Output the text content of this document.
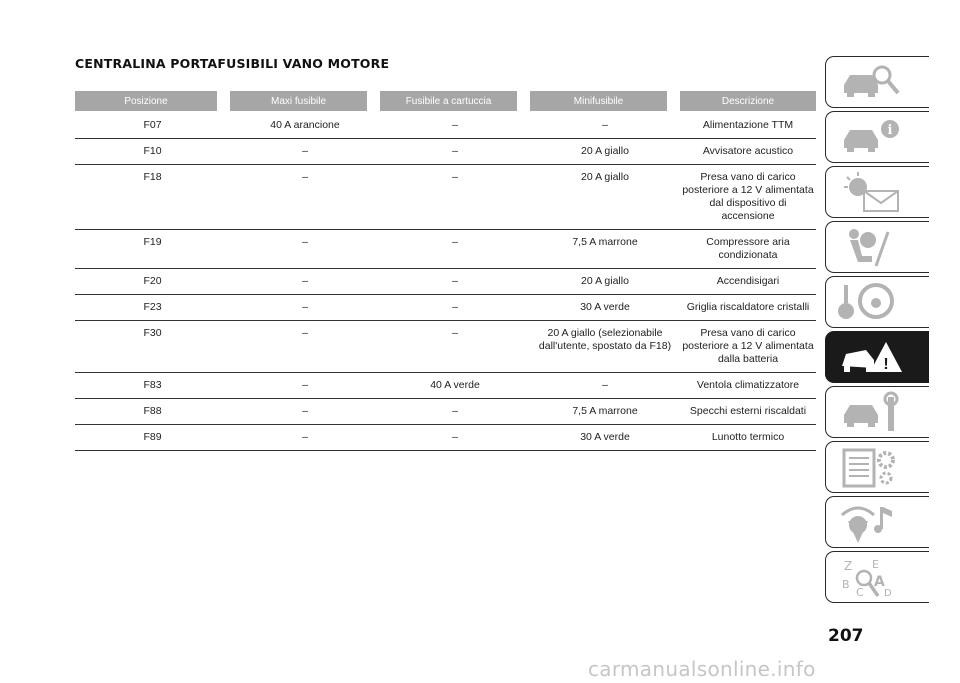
CENTRALINA PORTAFUSIBILI VANO MOTORE
Posizione	Maxi fusibile	Fusibile a cartuccia	Minifusibile	Descrizione
F07	40 A arancione	–	–	Alimentazione TTM
F10	–	–	20 A giallo	Avvisatore acustico
F18	–	–	20 A giallo	Presa vano di carico posteriore a 12 V alimentata dal dispositivo di accensione
F19	–	–	7,5 A marrone	Compressore aria condizionata
F20	–	–	20 A giallo	Accendisigari
F23	–	–	30 A verde	Griglia riscaldatore cristalli
F30	–	–	20 A giallo (selezionabile dall'utente, spostato da F18)	Presa vano di carico posteriore a 12 V alimentata dalla batteria
F83	–	40 A verde	–	Ventola climatizzatore
F88	–	–	7,5 A marrone	Specchi esterni riscaldati
F89	–	–	30 A verde	Lunotto termico
i
!
Z E
B A
C D
207
carmanualsonline.info
